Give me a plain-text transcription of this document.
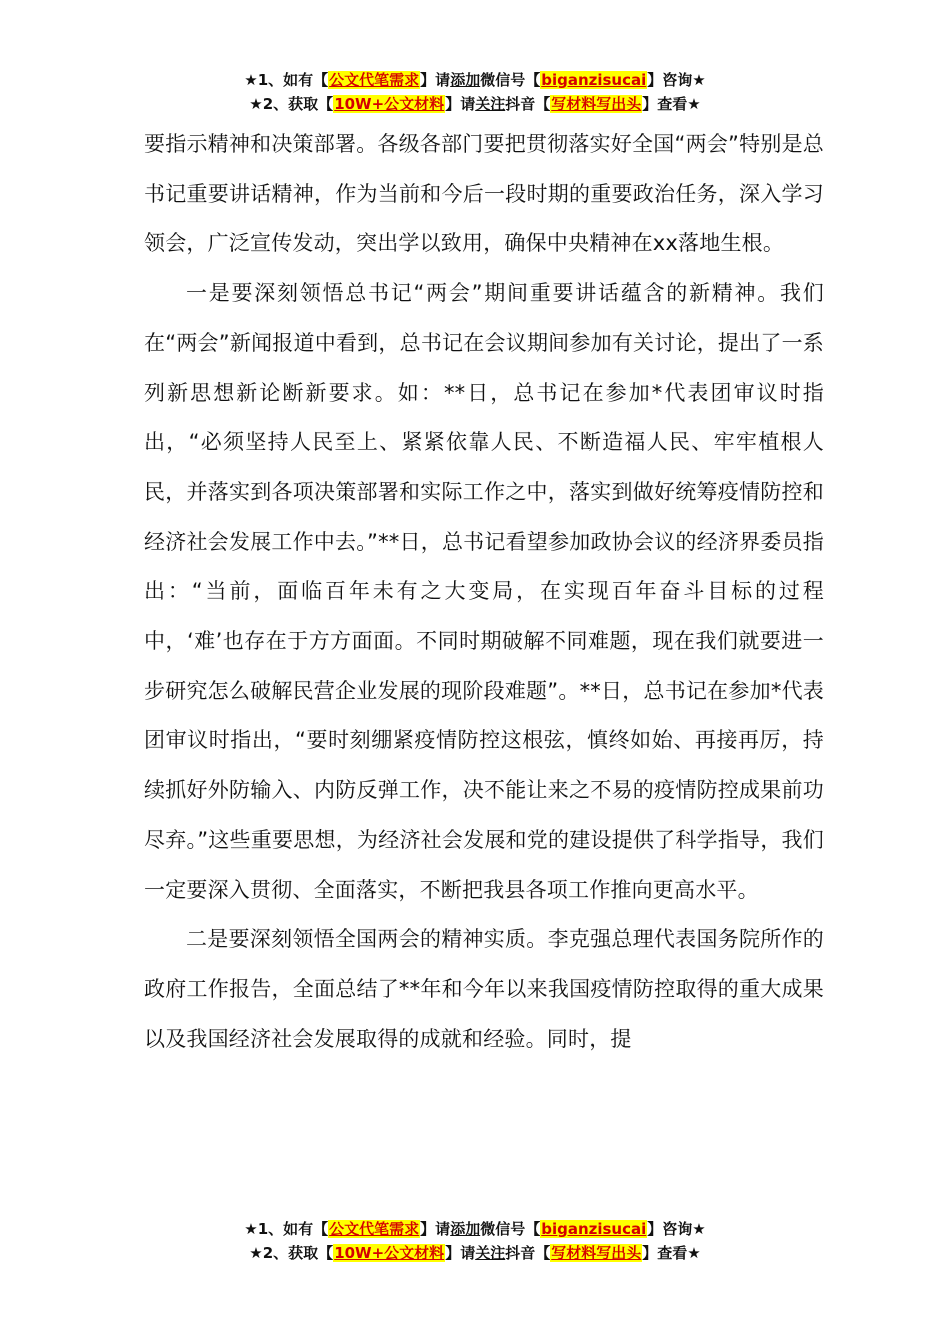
★1、如有【公文代笔需求】请添加微信号【biganzisucai】咨询★
★2、获取【10W+公文材料】请关注抖音【写材料写出头】查看★

要指示精神和决策部署。各级各部门要把贯彻落实好全国“两会”特别是总书记重要讲话精神，作为当前和今后一段时期的重要政治任务，深入学习领会，广泛宣传发动，突出学以致用，确保中央精神在xx落地生根。

一是要深刻领悟总书记“两会”期间重要讲话蕴含的新精神。我们在“两会”新闻报道中看到，总书记在会议期间参加有关讨论，提出了一系列新思想新论断新要求。如：**日，总书记在参加*代表团审议时指出，“必须坚持人民至上、紧紧依靠人民、不断造福人民、牢牢植根人民，并落实到各项决策部署和实际工作之中，落实到做好统筹疫情防控和经济社会发展工作中去。”**日，总书记看望参加政协会议的经济界委员指出：“当前，面临百年未有之大变局，在实现百年奋斗目标的过程中，‘难’也存在于方方面面。不同时期破解不同难题，现在我们就要进一步研究怎么破解民营企业发展的现阶段难题”。**日，总书记在参加*代表团审议时指出，“要时刻绷紧疫情防控这根弦，慎终如始、再接再厉，持续抓好外防输入、内防反弹工作，决不能让来之不易的疫情防控成果前功尽弃。”这些重要思想，为经济社会发展和党的建设提供了科学指导，我们一定要深入贯彻、全面落实，不断把我县各项工作推向更高水平。

二是要深刻领悟全国两会的精神实质。李克强总理代表国务院所作的政府工作报告，全面总结了**年和今年以来我国疫情防控取得的重大成果以及我国经济社会发展取得的成就和经验。同时，提

★1、如有【公文代笔需求】请添加微信号【biganzisucai】咨询★
★2、获取【10W+公文材料】请关注抖音【写材料写出头】查看★
